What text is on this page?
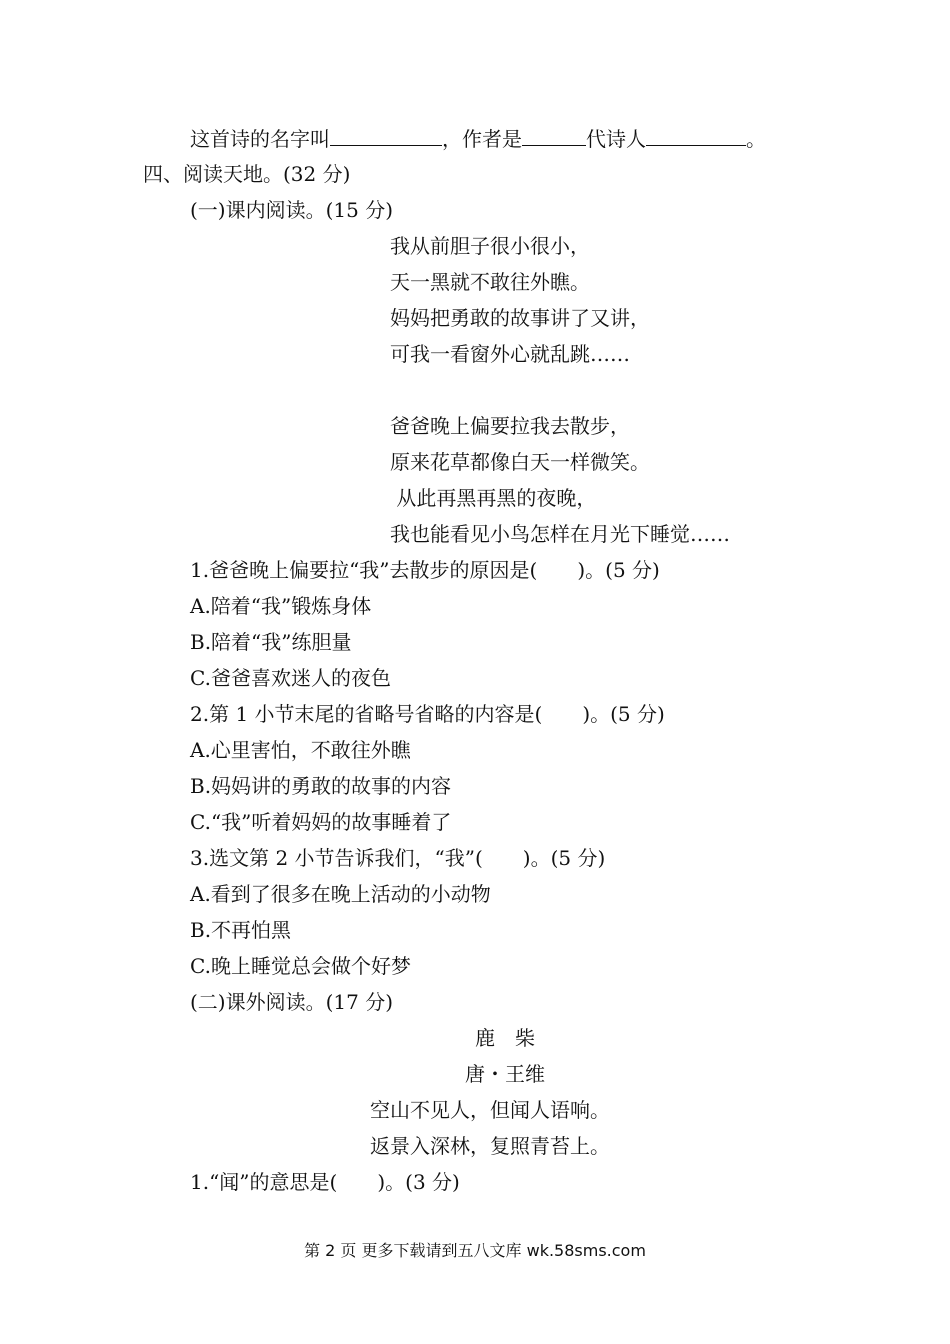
这首诗的名字叫	，作者是	代诗人	。
四、阅读天地。(32 分)
(一)课内阅读。(15 分)
我从前胆子很小很小，
天一黑就不敢往外瞧。
妈妈把勇敢的故事讲了又讲，
可我一看窗外心就乱跳……
爸爸晚上偏要拉我去散步，
原来花草都像白天一样微笑。
从此再黑再黑的夜晚，
我也能看见小鸟怎样在月光下睡觉……
1.爸爸晚上偏要拉“我”去散步的原因是(　　)。(5 分)
A.陪着“我”锻炼身体
B.陪着“我”练胆量
C.爸爸喜欢迷人的夜色
2.第 1 小节末尾的省略号省略的内容是(　　)。(5 分)
A.心里害怕，不敢往外瞧
B.妈妈讲的勇敢的故事的内容
C.“我”听着妈妈的故事睡着了
3.选文第 2 小节告诉我们，“我”(　　)。(5 分)
A.看到了很多在晚上活动的小动物
B.不再怕黑
C.晚上睡觉总会做个好梦
(二)课外阅读。(17 分)
鹿　柴
唐・王维
空山不见人，但闻人语响。
返景入深林，复照青苔上。
1.“闻”的意思是(　　)。(3 分)
第 2 页 更多下载请到五八文库 wk.58sms.com
